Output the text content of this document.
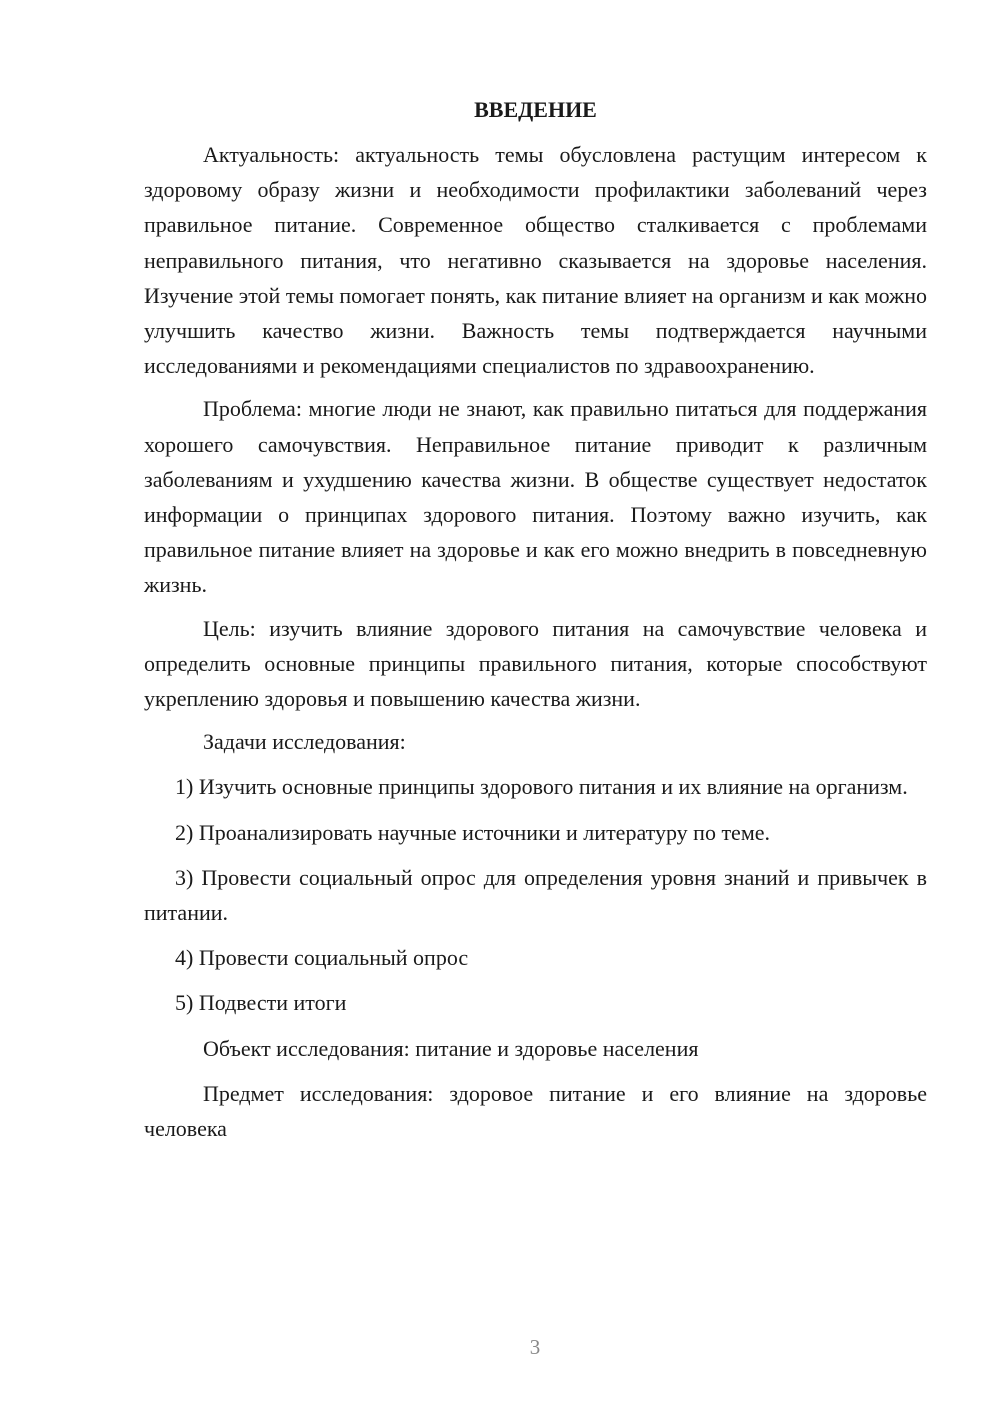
ВВЕДЕНИЕ

Актуальность: актуальность темы обусловлена растущим интересом к здоровому образу жизни и необходимости профилактики заболеваний через правильное питание. Современное общество сталкивается с проблемами неправильного питания, что негативно сказывается на здоровье населения. Изучение этой темы помогает понять, как питание влияет на организм и как можно улучшить качество жизни. Важность темы подтверждается научными исследованиями и рекомендациями специалистов по здравоохранению.

Проблема: многие люди не знают, как правильно питаться для поддержания хорошего самочувствия. Неправильное питание приводит к различным заболеваниям и ухудшению качества жизни. В обществе существует недостаток информации о принципах здорового питания. Поэтому важно изучить, как правильное питание влияет на здоровье и как его можно внедрить в повседневную жизнь.

Цель: изучить влияние здорового питания на самочувствие человека и определить основные принципы правильного питания, которые способствуют укреплению здоровья и повышению качества жизни.

Задачи исследования:

1) Изучить основные принципы здорового питания и их влияние на организм.

2) Проанализировать научные источники и литературу по теме.

3) Провести социальный опрос для определения уровня знаний и привычек в питании.

4) Провести социальный опрос

5) Подвести итоги

Объект исследования: питание и здоровье населения

Предмет исследования: здоровое питание и его влияние на здоровье человека

3
